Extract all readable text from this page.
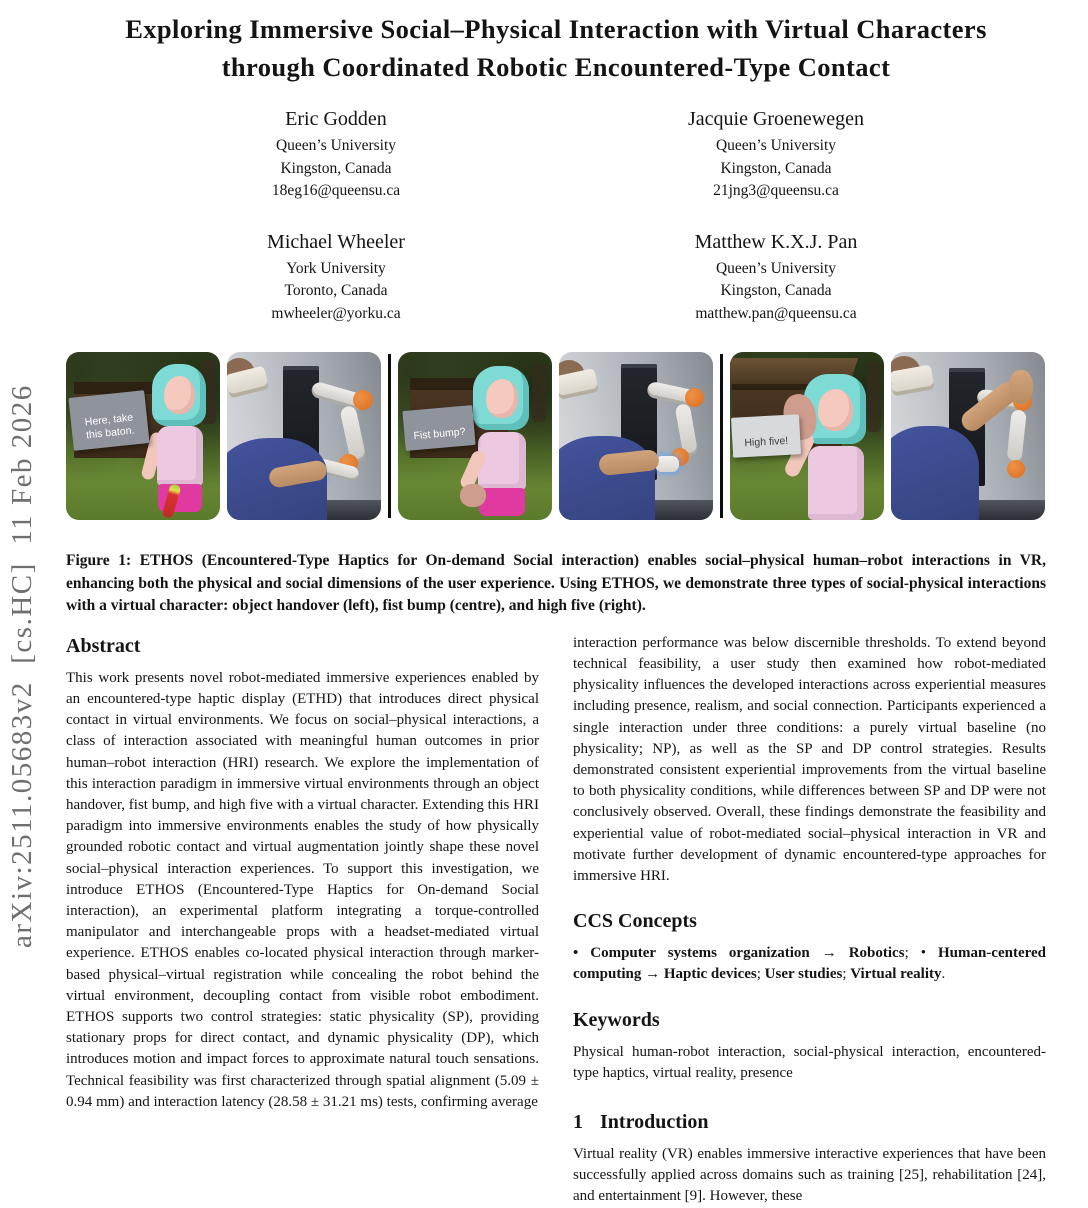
arXiv:2511.05683v2  [cs.HC]  11 Feb 2026
Exploring Immersive Social–Physical Interaction with Virtual Characters through Coordinated Robotic Encountered-Type Contact
Eric Godden
Queen’s University
Kingston, Canada
18eg16@queensu.ca
Jacquie Groenewegen
Queen’s University
Kingston, Canada
21jng3@queensu.ca
Michael Wheeler
York University
Toronto, Canada
mwheeler@yorku.ca
Matthew K.X.J. Pan
Queen’s University
Kingston, Canada
matthew.pan@queensu.ca

Here, take
this baton.	Fist bump?	High five!

Figure 1: ETHOS (Encountered-Type Haptics for On-demand Social interaction) enables social–physical human–robot interactions in VR, enhancing both the physical and social dimensions of the user experience. Using ETHOS, we demonstrate three types of social-physical interactions with a virtual character: object handover (left), fist bump (centre), and high five (right).

Abstract

This work presents novel robot-mediated immersive experiences enabled by an encountered-type haptic display (ETHD) that introduces direct physical contact in virtual environments. We focus on social–physical interactions, a class of interaction associated with meaningful human outcomes in prior human–robot interaction (HRI) research. We explore the implementation of this interaction paradigm in immersive virtual environments through an object handover, fist bump, and high five with a virtual character. Extending this HRI paradigm into immersive environments enables the study of how physically grounded robotic contact and virtual augmentation jointly shape these novel social–physical interaction experiences. To support this investigation, we introduce ETHOS (Encountered-Type Haptics for On-demand Social interaction), an experimental platform integrating a torque-controlled manipulator and interchangeable props with a headset-mediated virtual experience. ETHOS enables co-located physical interaction through marker-based physical–virtual registration while concealing the robot behind the virtual environment, decoupling contact from visible robot embodiment. ETHOS supports two control strategies: static physicality (SP), providing stationary props for direct contact, and dynamic physicality (DP), which introduces motion and impact forces to approximate natural touch sensations. Technical feasibility was first characterized through spatial alignment (5.09 ± 0.94 mm) and interaction latency (28.58 ± 31.21 ms) tests, confirming average

interaction performance was below discernible thresholds. To extend beyond technical feasibility, a user study then examined how robot-mediated physicality influences the developed interactions across experiential measures including presence, realism, and social connection. Participants experienced a single interaction under three conditions: a purely virtual baseline (no physicality; NP), as well as the SP and DP control strategies. Results demonstrated consistent experiential improvements from the virtual baseline to both physicality conditions, while differences between SP and DP were not conclusively observed. Overall, these findings demonstrate the feasibility and experiential value of robot-mediated social–physical interaction in VR and motivate further development of dynamic encountered-type approaches for immersive HRI.

CCS Concepts

• Computer systems organization → Robotics; • Human-centered computing → Haptic devices; User studies; Virtual reality.

Keywords

Physical human-robot interaction, social-physical interaction, encountered-type haptics, virtual reality, presence

1 Introduction

Virtual reality (VR) enables immersive interactive experiences that have been successfully applied across domains such as training [25], rehabilitation [24], and entertainment [9]. However, these
